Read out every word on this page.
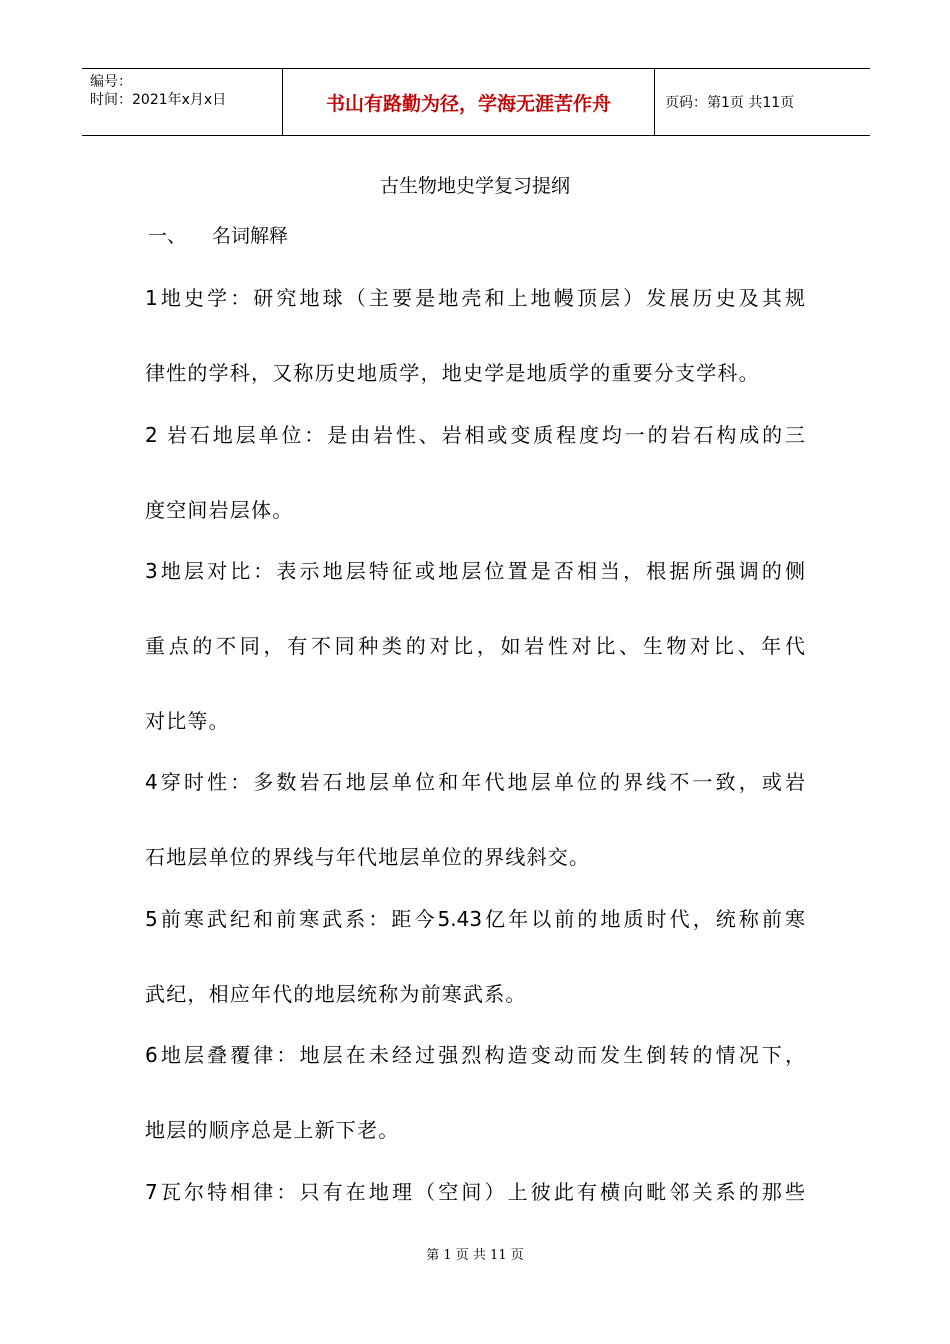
编号：
时间：2021年x月x日	书山有路勤为径，学海无涯苦作舟	页码：第1页 共11页
古生物地史学复习提纲
一、 名词解释
1地史学：研究地球（主要是地壳和上地幔顶层）发展历史及其规
律性的学科，又称历史地质学，地史学是地质学的重要分支学科。
2 岩石地层单位：是由岩性、岩相或变质程度均一的岩石构成的三
度空间岩层体。
3地层对比：表示地层特征或地层位置是否相当，根据所强调的侧
重点的不同，有不同种类的对比，如岩性对比、生物对比、年代
对比等。
4穿时性：多数岩石地层单位和年代地层单位的界线不一致，或岩
石地层单位的界线与年代地层单位的界线斜交。
5前寒武纪和前寒武系：距今5.43亿年以前的地质时代，统称前寒
武纪，相应年代的地层统称为前寒武系。
6地层叠覆律：地层在未经过强烈构造变动而发生倒转的情况下，
地层的顺序总是上新下老。
7瓦尔特相律：只有在地理（空间）上彼此有横向毗邻关系的那些
第 1 页 共 11 页
